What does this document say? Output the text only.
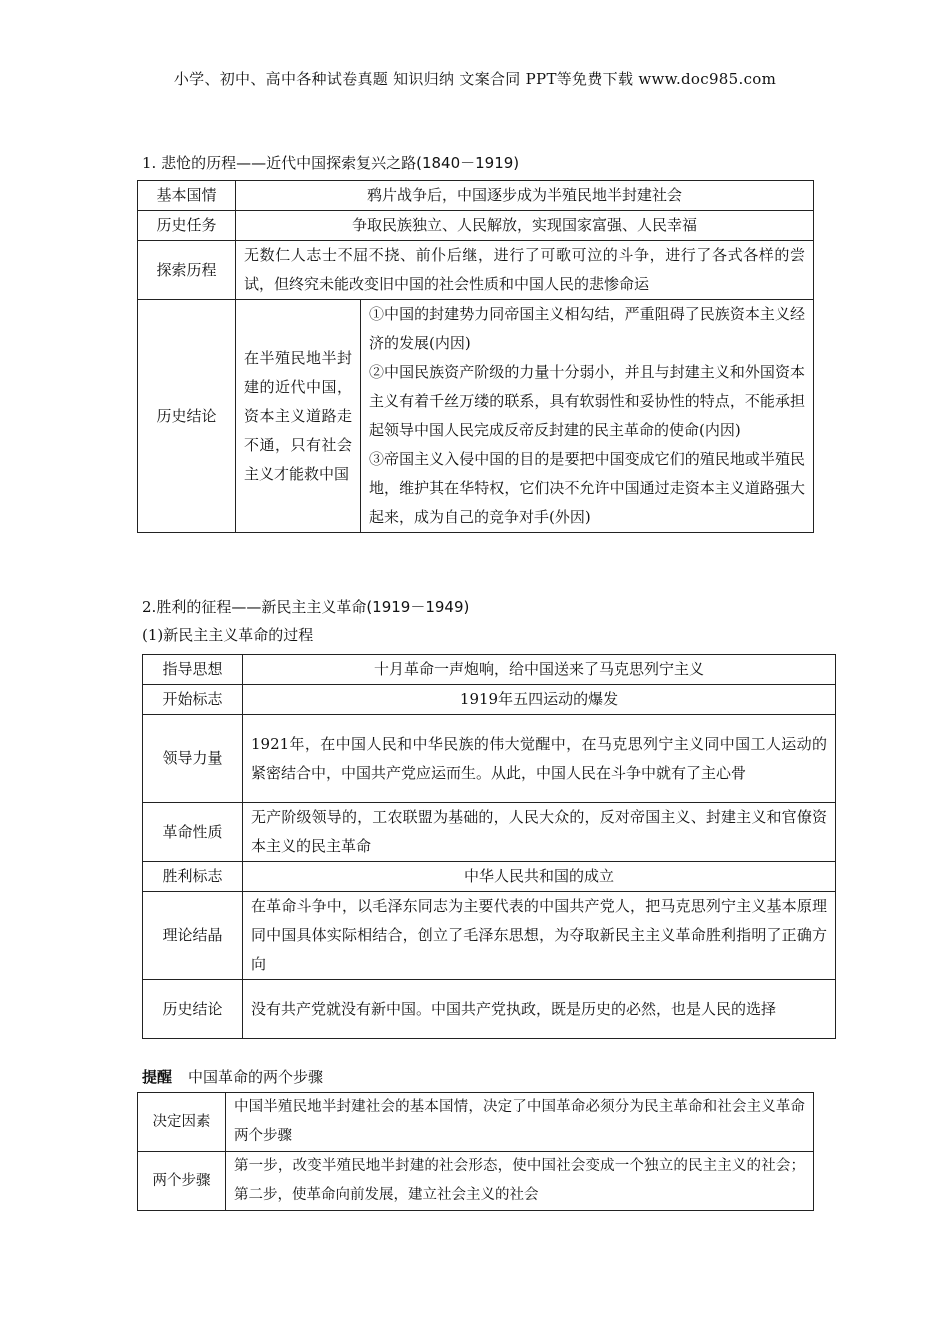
小学、初中、高中各种试卷真题 知识归纳 文案合同 PPT等免费下载 www.doc985.com
1. 悲怆的历程——近代中国探索复兴之路(1840－1919)
基本国情	鸦片战争后，中国逐步成为半殖民地半封建社会	
历史任务	争取民族独立、人民解放，实现国家富强、人民幸福	
探索历程	无数仁人志士不屈不挠、前仆后继，进行了可歌可泣的斗争，进行了各式各样的尝试，但终究未能改变旧中国的社会性质和中国人民的悲惨命运	
历史结论	在半殖民地半封建的近代中国，资本主义道路走不通，只有社会主义才能救中国	①中国的封建势力同帝国主义相勾结，严重阻碍了民族资本主义经济的发展(内因)
②中国民族资产阶级的力量十分弱小，并且与封建主义和外国资本主义有着千丝万缕的联系，具有软弱性和妥协性的特点，不能承担起领导中国人民完成反帝反封建的民主革命的使命(内因)
③帝国主义入侵中国的目的是要把中国变成它们的殖民地或半殖民地，维护其在华特权，它们决不允许中国通过走资本主义道路强大起来，成为自己的竞争对手(外因)
2.胜利的征程——新民主主义革命(1919－1949)
(1)新民主主义革命的过程
指导思想	十月革命一声炮响，给中国送来了马克思列宁主义
开始标志	1919年五四运动的爆发
领导力量	1921年，在中国人民和中华民族的伟大觉醒中，在马克思列宁主义同中国工人运动的紧密结合中，中国共产党应运而生。从此，中国人民在斗争中就有了主心骨
革命性质	无产阶级领导的，工农联盟为基础的，人民大众的，反对帝国主义、封建主义和官僚资本主义的民主革命
胜利标志	中华人民共和国的成立
理论结晶	在革命斗争中，以毛泽东同志为主要代表的中国共产党人，把马克思列宁主义基本原理同中国具体实际相结合，创立了毛泽东思想，为夺取新民主主义革命胜利指明了正确方向
历史结论	没有共产党就没有新中国。中国共产党执政，既是历史的必然，也是人民的选择
提醒 中国革命的两个步骤
决定因素	中国半殖民地半封建社会的基本国情，决定了中国革命必须分为民主革命和社会主义革命两个步骤
两个步骤	第一步，改变半殖民地半封建的社会形态，使中国社会变成一个独立的民主主义的社会；第二步，使革命向前发展，建立社会主义的社会
